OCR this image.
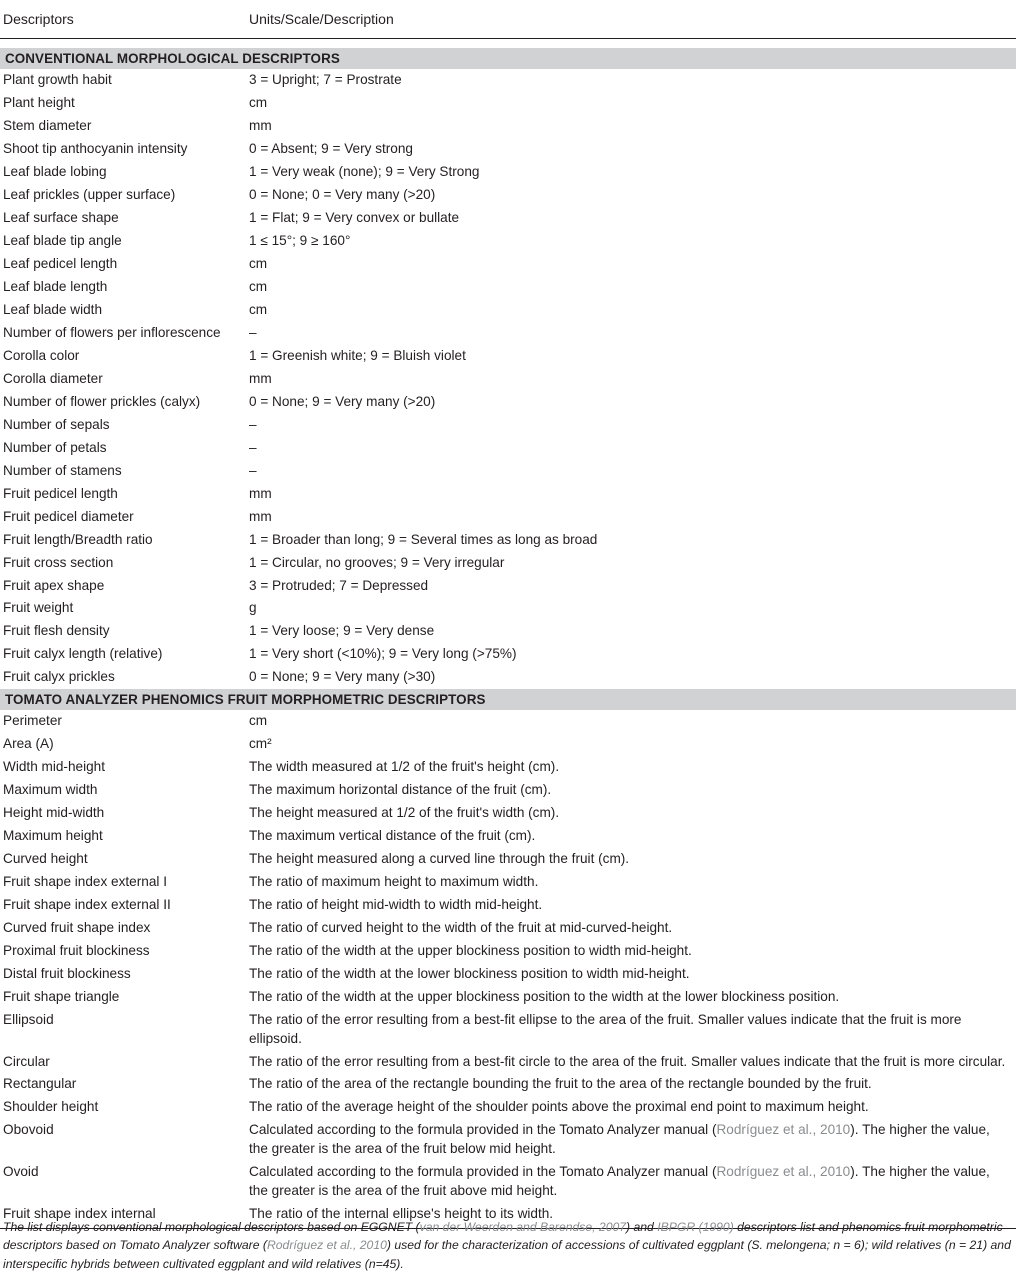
Descriptors	Units/Scale/Description

CONVENTIONAL MORPHOLOGICAL DESCRIPTORS	
Plant growth habit	3 = Upright; 7 = Prostrate
Plant height	cm
Stem diameter	mm
Shoot tip anthocyanin intensity	0 = Absent; 9 = Very strong
Leaf blade lobing	1 = Very weak (none); 9 = Very Strong
Leaf prickles (upper surface)	0 = None; 0 = Very many (>20)
Leaf surface shape	1 = Flat; 9 = Very convex or bullate
Leaf blade tip angle	1 ≤ 15°; 9 ≥ 160°
Leaf pedicel length	cm
Leaf blade length	cm
Leaf blade width	cm
Number of flowers per inflorescence	–
Corolla color	1 = Greenish white; 9 = Bluish violet
Corolla diameter	mm
Number of flower prickles (calyx)	0 = None; 9 = Very many (>20)
Number of sepals	–
Number of petals	–
Number of stamens	–
Fruit pedicel length	mm
Fruit pedicel diameter	mm
Fruit length/Breadth ratio	1 = Broader than long; 9 = Several times as long as broad
Fruit cross section	1 = Circular, no grooves; 9 = Very irregular
Fruit apex shape	3 = Protruded; 7 = Depressed
Fruit weight	g
Fruit flesh density	1 = Very loose; 9 = Very dense
Fruit calyx length (relative)	1 = Very short (<10%); 9 = Very long (>75%)
Fruit calyx prickles	0 = None; 9 = Very many (>30)
TOMATO ANALYZER PHENOMICS FRUIT MORPHOMETRIC DESCRIPTORS	
Perimeter	cm
Area (A)	cm²
Width mid-height	The width measured at 1/2 of the fruit's height (cm).
Maximum width	The maximum horizontal distance of the fruit (cm).
Height mid-width	The height measured at 1/2 of the fruit's width (cm).
Maximum height	The maximum vertical distance of the fruit (cm).
Curved height	The height measured along a curved line through the fruit (cm).
Fruit shape index external I	The ratio of maximum height to maximum width.
Fruit shape index external II	The ratio of height mid-width to width mid-height.
Curved fruit shape index	The ratio of curved height to the width of the fruit at mid-curved-height.
Proximal fruit blockiness	The ratio of the width at the upper blockiness position to width mid-height.
Distal fruit blockiness	The ratio of the width at the lower blockiness position to width mid-height.
Fruit shape triangle	The ratio of the width at the upper blockiness position to the width at the lower blockiness position.
Ellipsoid	The ratio of the error resulting from a best-fit ellipse to the area of the fruit. Smaller values indicate that the fruit is more ellipsoid.
Circular	The ratio of the error resulting from a best-fit circle to the area of the fruit. Smaller values indicate that the fruit is more circular.
Rectangular	The ratio of the area of the rectangle bounding the fruit to the area of the rectangle bounded by the fruit.
Shoulder height	The ratio of the average height of the shoulder points above the proximal end point to maximum height.
Obovoid	Calculated according to the formula provided in the Tomato Analyzer manual (Rodríguez et al., 2010). The higher the value, the greater is the area of the fruit below mid height.
Ovoid	Calculated according to the formula provided in the Tomato Analyzer manual (Rodríguez et al., 2010). The higher the value, the greater is the area of the fruit above mid height.
Fruit shape index internal	The ratio of the internal ellipse's height to its width.
The list displays conventional morphological descriptors based on EGGNET (van der Weerden and Barendse, 2007) and IBPGR (1990) descriptors list and phenomics fruit morphometric descriptors based on Tomato Analyzer software (Rodríguez et al., 2010) used for the characterization of accessions of cultivated eggplant (S. melongena; n = 6); wild relatives (n = 21) and interspecific hybrids between cultivated eggplant and wild relatives (n=45).
